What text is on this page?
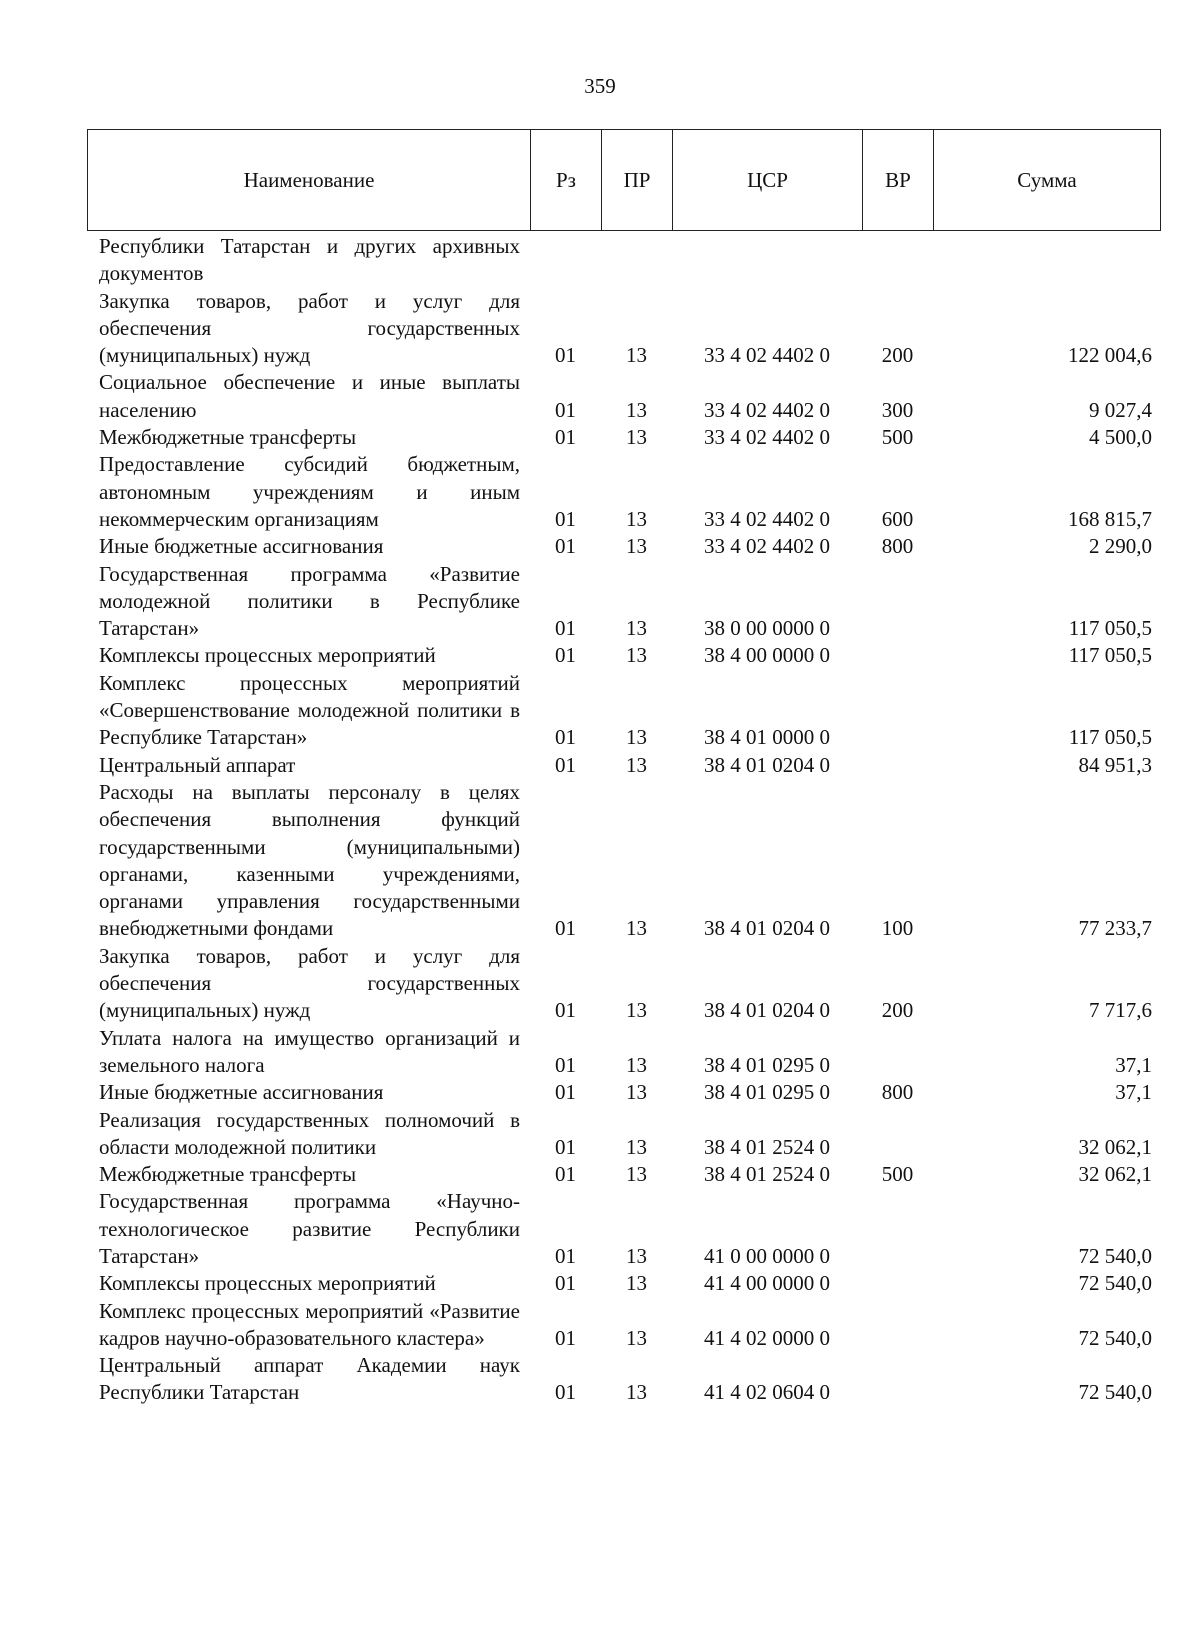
359
Наименование	Рз	ПР	ЦСР	ВР	Сумма
Республики Татарстан и других архивных документов					
Закупка товаров, работ и услуг для обеспечения государственных (муниципальных) нужд	01	13	33 4 02 4402 0	200	122 004,6
Социальное обеспечение и иные выплаты населению	01	13	33 4 02 4402 0	300	9 027,4
Межбюджетные трансферты	01	13	33 4 02 4402 0	500	4 500,0
Предоставление субсидий бюджетным, автономным учреждениям и иным некоммерческим организациям	01	13	33 4 02 4402 0	600	168 815,7
Иные бюджетные ассигнования	01	13	33 4 02 4402 0	800	2 290,0
Государственная программа «Развитие молодежной политики в Республике Татарстан»	01	13	38 0 00 0000 0		117 050,5
Комплексы процессных мероприятий	01	13	38 4 00 0000 0		117 050,5
Комплекс процессных мероприятий «Совершенствование молодежной политики в Республике Татарстан»	01	13	38 4 01 0000 0		117 050,5
Центральный аппарат	01	13	38 4 01 0204 0		84 951,3
Расходы на выплаты персоналу в целях обеспечения выполнения функций государственными (муниципальными) органами, казенными учреждениями, органами управления государственными внебюджетными фондами	01	13	38 4 01 0204 0	100	77 233,7
Закупка товаров, работ и услуг для обеспечения государственных (муниципальных) нужд	01	13	38 4 01 0204 0	200	7 717,6
Уплата налога на имущество организаций и земельного налога	01	13	38 4 01 0295 0		37,1
Иные бюджетные ассигнования	01	13	38 4 01 0295 0	800	37,1
Реализация государственных полномочий в области молодежной политики	01	13	38 4 01 2524 0		32 062,1
Межбюджетные трансферты	01	13	38 4 01 2524 0	500	32 062,1
Государственная программа «Научно-технологическое развитие Республики Татарстан»	01	13	41 0 00 0000 0		72 540,0
Комплексы процессных мероприятий	01	13	41 4 00 0000 0		72 540,0
Комплекс процессных мероприятий «Развитие кадров научно-образовательного кластера»	01	13	41 4 02 0000 0		72 540,0
Центральный аппарат Академии наук Республики Татарстан	01	13	41 4 02 0604 0		72 540,0
